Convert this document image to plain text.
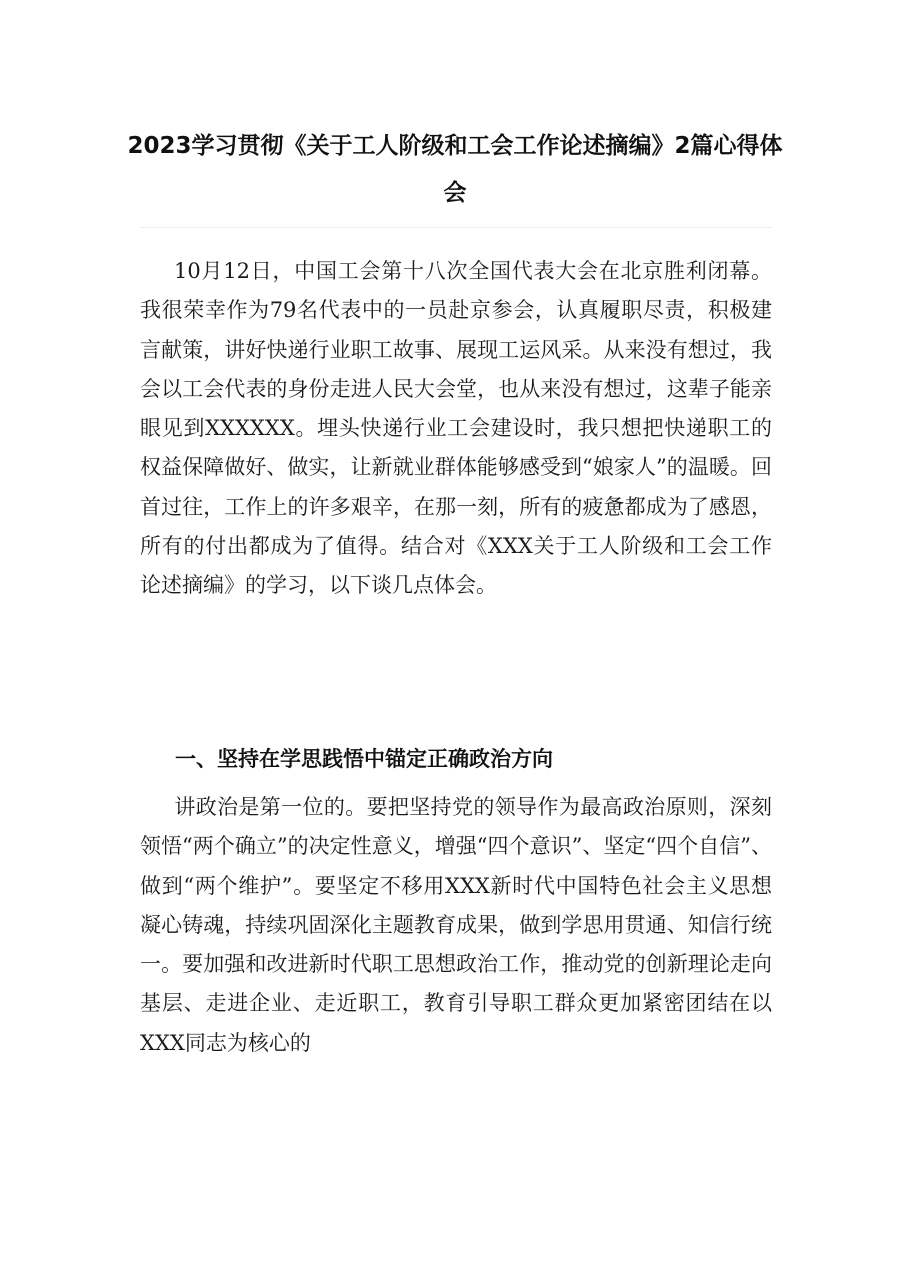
2023学习贯彻《关于工人阶级和工会工作论述摘编》2篇心得体会
10月12日，中国工会第十八次全国代表大会在北京胜利闭幕。我很荣幸作为79名代表中的一员赴京参会，认真履职尽责，积极建言献策，讲好快递行业职工故事、展现工运风采。从来没有想过，我会以工会代表的身份走进人民大会堂，也从来没有想过，这辈子能亲眼见到XXXXXX。埋头快递行业工会建设时，我只想把快递职工的权益保障做好、做实，让新就业群体能够感受到“娘家人”的温暖。回首过往，工作上的许多艰辛，在那一刻，所有的疲惫都成为了感恩，所有的付出都成为了值得。结合对《XXX关于工人阶级和工会工作论述摘编》的学习，以下谈几点体会。
一、坚持在学思践悟中锚定正确政治方向
讲政治是第一位的。要把坚持党的领导作为最高政治原则，深刻领悟“两个确立”的决定性意义，增强“四个意识”、坚定“四个自信”、做到“两个维护”。要坚定不移用XXX新时代中国特色社会主义思想凝心铸魂，持续巩固深化主题教育成果，做到学思用贯通、知信行统一。要加强和改进新时代职工思想政治工作，推动党的创新理论走向基层、走进企业、走近职工，教育引导职工群众更加紧密团结在以XXX同志为核心的
